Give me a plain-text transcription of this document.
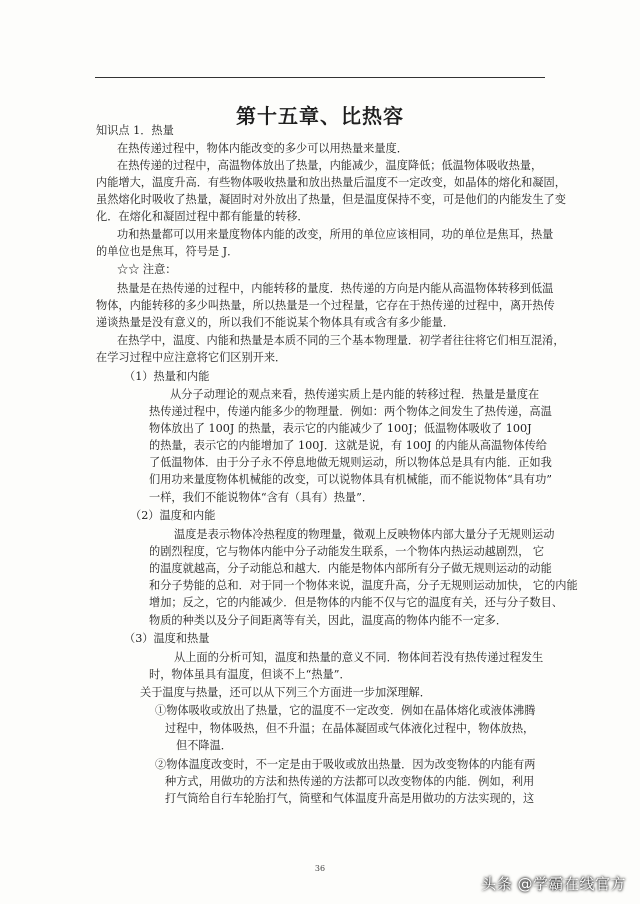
第十五章、比热容
知识点 1．热量
在热传递过程中，物体内能改变的多少可以用热量来量度．
在热传递的过程中，高温物体放出了热量，内能减少，温度降低；低温物体吸收热量，
内能增大，温度升高．有些物体吸收热量和放出热量后温度不一定改变，如晶体的熔化和凝固，
虽然熔化时吸收了热量，凝固时对外放出了热量，但是温度保持不变，可是他们的内能发生了变
化．在熔化和凝固过程中都有能量的转移．
功和热量都可以用来量度物体内能的改变，所用的单位应该相同，功的单位是焦耳，热量
的单位也是焦耳，符号是 J．
☆☆ 注意：
热量是在热传递的过程中，内能转移的量度．热传递的方向是内能从高温物体转移到低温
物体，内能转移的多少叫热量，所以热量是一个过程量，它存在于热传递的过程中，离开热传
递谈热量是没有意义的，所以我们不能说某个物体具有或含有多少能量．
在热学中，温度、内能和热量是本质不同的三个基本物理量．初学者往往将它们相互混淆，
在学习过程中应注意将它们区别开来．
（1）热量和内能
从分子动理论的观点来看，热传递实质上是内能的转移过程．热量是量度在
热传递过程中，传递内能多少的物理量．例如：两个物体之间发生了热传递，高温
物体放出了 100J 的热量，表示它的内能减少了 100J；低温物体吸收了 100J
的热量，表示它的内能增加了 100J．这就是说，有 100J 的内能从高温物体传给
了低温物体．由于分子永不停息地做无规则运动，所以物体总是具有内能．正如我
们用功来量度物体机械能的改变，可以说物体具有机械能，而不能说物体“具有功”
一样，我们不能说物体“含有（具有）热量”．
（2）温度和内能
温度是表示物体冷热程度的物理量，微观上反映物体内部大量分子无规则运动
的剧烈程度，它与物体内能中分子动能发生联系，一个物体内热运动越剧烈， 它
的温度就越高，分子动能总和越大．内能是物体内部所有分子做无规则运动的动能
和分子势能的总和．对于同一个物体来说，温度升高，分子无规则运动加快， 它的内能
增加；反之，它的内能减少．但是物体的内能不仅与它的温度有关，还与分子数目、
物质的种类以及分子间距离等有关，因此，温度高的物体内能不一定多．
（3）温度和热量
从上面的分析可知，温度和热量的意义不同．物体间若没有热传递过程发生
时，物体虽具有温度，但谈不上“热量”．
关于温度与热量，还可以从下列三个方面进一步加深理解．
①物体吸收或放出了热量，它的温度不一定改变．例如在晶体熔化或液体沸腾
过程中，物体吸热，但不升温；在晶体凝固或气体液化过程中，物体放热，
但不降温．
②物体温度改变时，不一定是由于吸收或放出热量．因为改变物体的内能有两
种方式，用做功的方法和热传递的方法都可以改变物体的内能．例如，利用
打气筒给自行车轮胎打气，筒壁和气体温度升高是用做功的方法实现的，这
36
头条 @学霸在线官方
